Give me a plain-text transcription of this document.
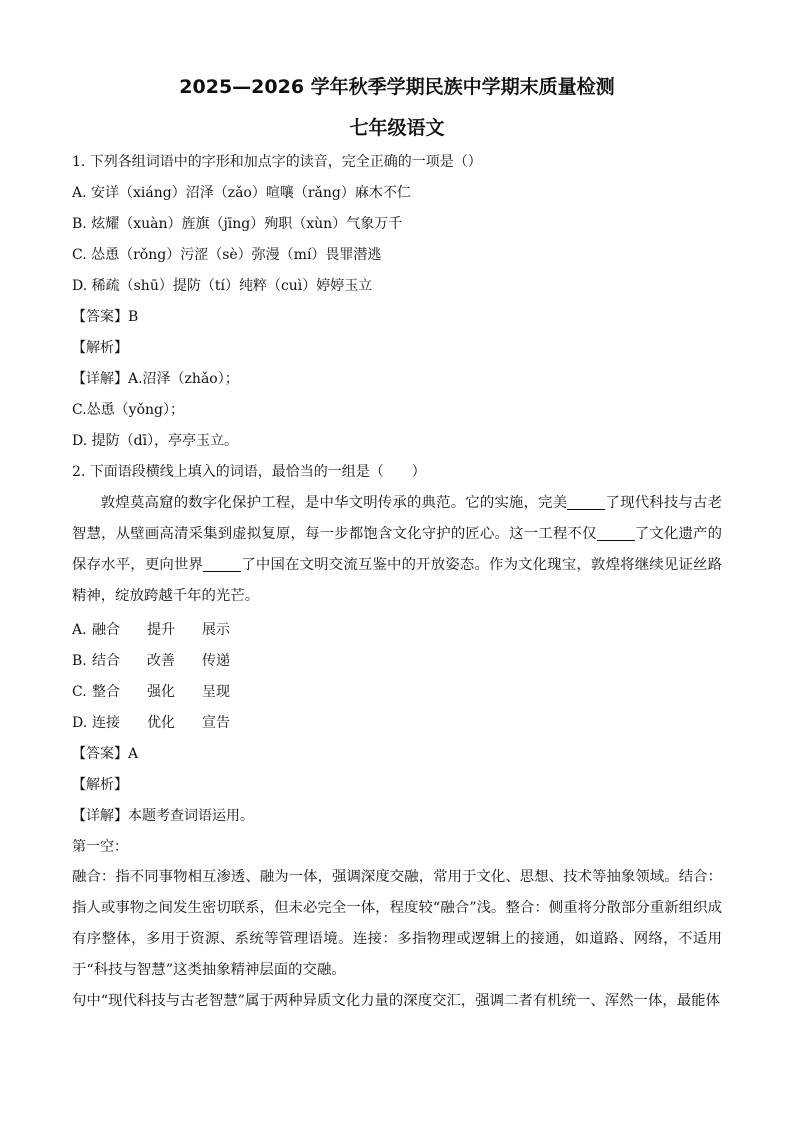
2025—2026 学年秋季学期民族中学期末质量检测
七年级语文
1. 下列各组词语中的字形和加点字的读音，完全正确的一项是（）
A. 安详（xiáng）沼泽（zǎo）喧嚷（rǎng）麻木不仁
B. 炫耀（xuàn）旌旗（jīng）殉职（xùn）气象万千
C. 怂恿（rǒng）污涩（sè）弥漫（mí）畏罪潜逃
D. 稀疏（shū）提防（tí）纯粹（cuì）婷婷玉立
【答案】B
【解析】
【详解】A.沼泽（zhǎo）；
C.怂恿（yǒng）；
D. 提防（dī），亭亭玉立。
2. 下面语段横线上填入的词语，最恰当的一组是（　　）
敦煌莫高窟的数字化保护工程，是中华文明传承的典范。它的实施，完美	了现代科技与古老智慧，从壁画高清采集到虚拟复原，每一步都饱含文化守护的匠心。这一工程不仅	了文化遗产的保存水平，更向世界	了中国在文明交流互鉴中的开放姿态。作为文化瑰宝，敦煌将继续见证丝路精神，绽放跨越千年的光芒。
A. 融合 提升 展示
B. 结合 改善 传递
C. 整合 强化 呈现
D. 连接 优化 宣告
【答案】A
【解析】
【详解】本题考查词语运用。
第一空：
融合：指不同事物相互渗透、融为一体，强调深度交融，常用于文化、思想、技术等抽象领域。结合：指人或事物之间发生密切联系，但未必完全一体，程度较“融合”浅。整合：侧重将分散部分重新组织成有序整体，多用于资源、系统等管理语境。连接：多指物理或逻辑上的接通，如道路、网络，不适用于“科技与智慧”这类抽象精神层面的交融。
句中“现代科技与古老智慧”属于两种异质文化力量的深度交汇，强调二者有机统一、浑然一体，最能体
